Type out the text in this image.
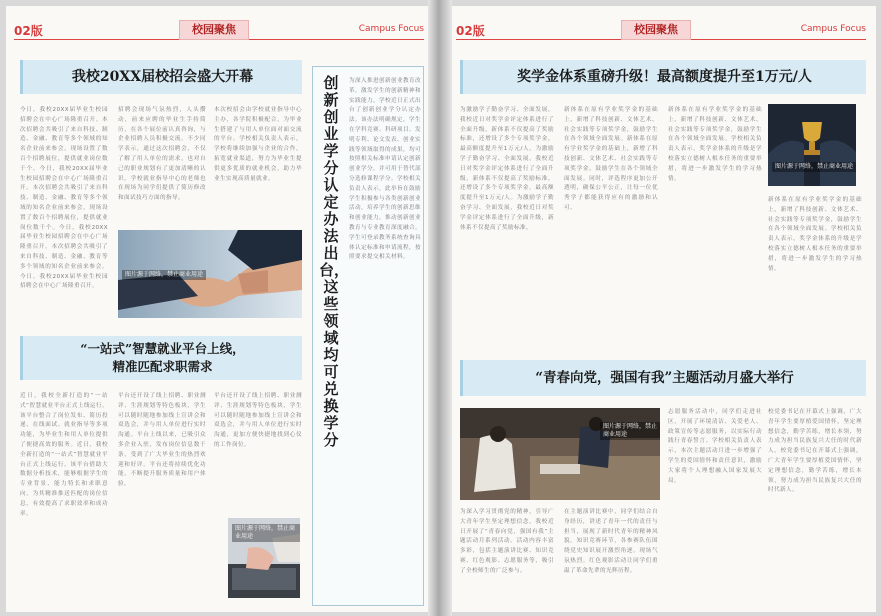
02版	校园聚焦	Campus Focus
我校20XX届校招会盛大开幕
今日，我校20XX届毕业生校园招聘会在中心广场隆重召开。本次招聘会共吸引了来自科技、制造、金融、教育等多个领域的知名企业前来参会，现场设置了数百个招聘展位，提供就业岗位数千个。今日，我校20XX届毕业生校园招聘会在中心广场隆重召开。本次招聘会共吸引了来自科技、制造、金融、教育等多个领域的知名企业前来参会，现场设置了数百个招聘展位，提供就业岗位数千个。今日，我校20XX届毕业生校园招聘会在中心广场隆重召开。本次招聘会共吸引了来自科技、制造、金融、教育等多个领域的知名企业前来参会。今日，我校20XX届毕业生校园招聘会在中心广场隆重召开。
招聘会现场气氛热烈，人头攒动，前来应聘的毕业生手持简历，在各个展位前认真咨询，与企业招聘人员积极交流。不少同学表示，通过这次招聘会，不仅了解了用人单位的需求，也对自己的职业规划有了更加清晰的认识。学校就业指导中心的老师也在现场为同学们提供了简历修改和面试技巧方面的指导。
本次校招会由学校就业指导中心主办，各学院积极配合，为毕业生搭建了与用人单位面对面交流的平台。学校相关负责人表示，学校将继续加强与企业的合作，拓宽就业渠道，努力为毕业生提供更多优质的就业机会，助力毕业生实现高质量就业。
图片源于网络，禁止商业用途
“一站式”智慧就业平台上线，
精准匹配求职需求
近日，我校全新打造的“一站式”智慧就业平台正式上线运行。该平台整合了岗位发布、简历投递、在线面试、就业指导等多项功能，为毕业生和用人单位提供了便捷高效的服务。近日，我校全新打造的“一站式”智慧就业平台正式上线运行。该平台借助大数据分析技术，能够根据学生的专业背景、能力特长和求职意向，为其精准推送匹配的岗位信息，有效提高了求职效率和成功率。
平台还开设了线上招聘、职业测评、生涯规划等特色板块，学生可以随时随地参加线上宣讲会和双选会，并与用人单位进行实时沟通。平台上线以来，已吸引众多企业入驻，发布岗位信息数千条，受到了广大毕业生的热烈欢迎和好评。平台还将持续优化功能，不断提升服务质量和用户体验。
平台还开设了线上招聘、职业测评、生涯规划等特色板块，学生可以随时随地参加线上宣讲会和双选会，并与用人单位进行实时沟通，更加方便快捷地找到心仪的工作岗位。
图片源于网络，禁止商业用途
创新创业学分认定办法出台，这些领域均可兑换学分
为深入推进创新创业教育改革，激发学生的创新精神和实践能力，学校近日正式出台了创新创业学分认定办法。该办法明确规定，学生在学科竞赛、科研项目、发明专利、论文发表、创业实践等领域取得的成果，均可按照相关标准申请认定创新创业学分，并可用于替代部分选修课程学分。学校相关负责人表示，此举旨在鼓励学生积极参与各类创新创业活动，培养学生的创新思维和创业能力，推动创新创业教育与专业教育深度融合。学生可登录教务系统查询具体认定标准和申请流程，按照要求提交相关材料。
02版	校园聚焦	Campus Focus
奖学金体系重磅升级！最高额度提升至1万元/人
为激励学子勤奋学习、全面发展，我校近日对奖学金评定体系进行了全面升级，新体系不仅提高了奖励标准，还增设了多个专项奖学金，最高额度提升至1万元/人。为激励学子勤奋学习、全面发展，我校近日对奖学金评定体系进行了全面升级，新体系不仅提高了奖励标准，还增设了多个专项奖学金，最高额度提升至1万元/人。为激励学子勤奋学习、全面发展，我校近日对奖学金评定体系进行了全面升级，新体系不仅提高了奖励标准。
新体系在原有学业奖学金的基础上，新增了科技创新、文体艺术、社会实践等专项奖学金，鼓励学生在各个领域全面发展。新体系在原有学业奖学金的基础上，新增了科技创新、文体艺术、社会实践等专项奖学金，鼓励学生在各个领域全面发展。同时，评选程序更加公开透明，确保公平公正，让每一位优秀学子都能获得应有的激励和认可。
新体系在原有学业奖学金的基础上，新增了科技创新、文体艺术、社会实践等专项奖学金，鼓励学生在各个领域全面发展。学校相关负责人表示，奖学金体系的升级是学校落实立德树人根本任务的重要举措，将进一步激发学生的学习热情。
图片源于网络，禁止商业用途
新体系在原有学业奖学金的基础上，新增了科技创新、文体艺术、社会实践等专项奖学金，鼓励学生在各个领域全面发展。学校相关负责人表示，奖学金体系的升级是学校落实立德树人根本任务的重要举措，将进一步激发学生的学习热情。
“青春向党，强国有我”主题活动月盛大举行
图片源于网络，禁止商业用途
为深入学习贯彻党的精神，引导广大青年学生坚定理想信念，我校近日开展了“青春向党，强国有我”主题活动月系列活动。活动内容丰富多彩，包括主题演讲比赛、知识竞赛、红色观影、志愿服务等，吸引了全校师生的广泛参与。
在主题演讲比赛中，同学们结合自身经历，讲述了青年一代的责任与担当，展现了新时代青年的精神风貌。知识竞赛环节，各参赛队伍围绕党史知识展开激烈角逐，现场气氛热烈。红色观影活动让同学们重温了革命先辈的光辉历程。
志愿服务活动中，同学们走进社区，开展了环境清洁、关爱老人、政策宣传等志愿服务，以实际行动践行青春誓言。学校相关负责人表示，本次主题活动月进一步增强了学生的爱国情怀和责任意识，激励大家将个人理想融入国家发展大局。
校党委书记在开幕式上强调，广大青年学生要厚植爱国情怀，坚定理想信念，勤学苦练，增长本领，努力成为担当民族复兴大任的时代新人。校党委书记在开幕式上强调，广大青年学生要厚植爱国情怀，坚定理想信念，勤学苦练，增长本领，努力成为担当民族复兴大任的时代新人。
